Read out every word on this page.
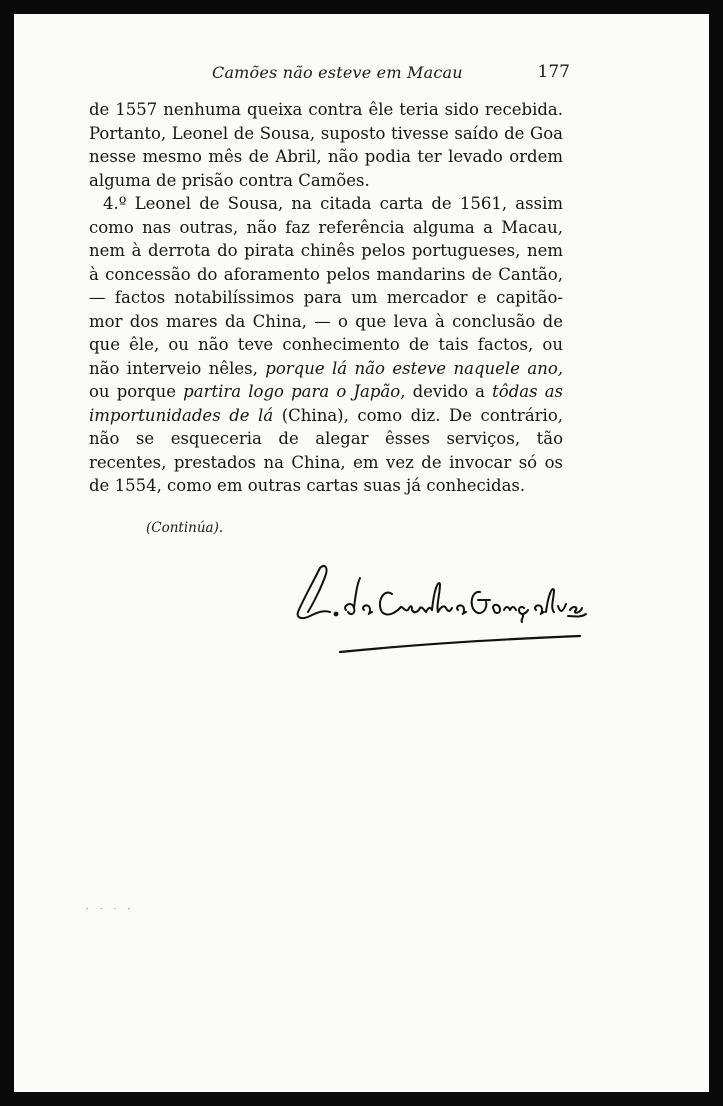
Camões não esteve em Macau	177

de 1557 nenhuma queixa contra êle teria sido recebida. Portanto, Leonel de Sousa, suposto tivesse saído de Goa nesse mesmo mês de Abril, não podia ter levado ordem alguma de prisão contra Camões.

4.º Leonel de Sousa, na citada carta de 1561, assim como nas outras, não faz referência alguma a Macau, nem à derrota do pirata chinês pelos portugueses, nem à concessão do aforamento pelos mandarins de Cantão, — factos notabilíssimos para um mercador e capitão-mor dos mares da China, — o que leva à conclusão de que êle, ou não teve conhecimento de tais factos, ou não interveio nêles, porque lá não esteve naquele ano, ou porque partira logo para o Japão, devido a tôdas as importunidades de lá (China), como diz. De contrário, não se esqueceria de alegar êsses serviços, tão recentes, prestados na China, em vez de invocar só os de 1554, como em outras cartas suas já conhecidas.

(Continúa).
. . . .
